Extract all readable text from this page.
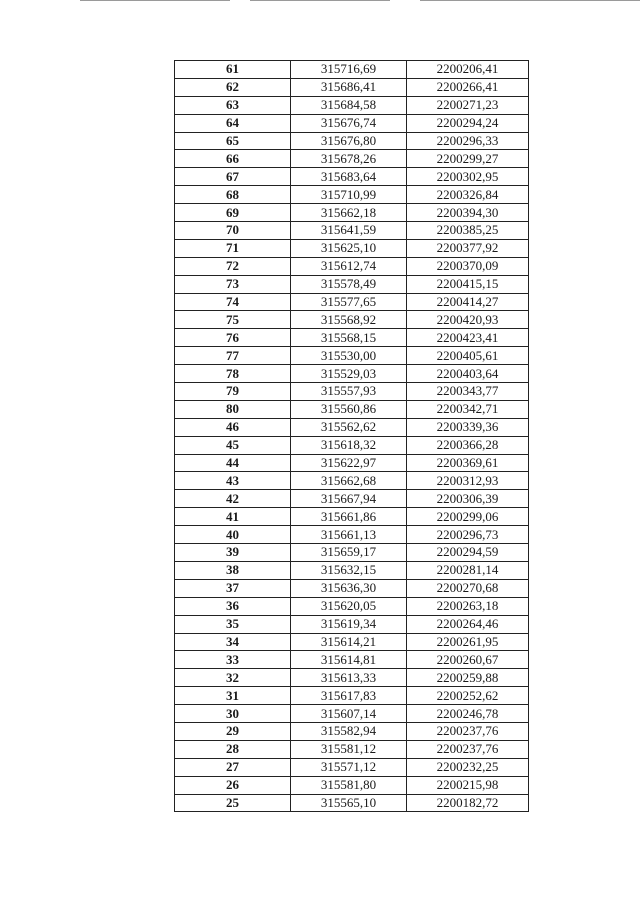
61	315716,69	2200206,41
62	315686,41	2200266,41
63	315684,58	2200271,23
64	315676,74	2200294,24
65	315676,80	2200296,33
66	315678,26	2200299,27
67	315683,64	2200302,95
68	315710,99	2200326,84
69	315662,18	2200394,30
70	315641,59	2200385,25
71	315625,10	2200377,92
72	315612,74	2200370,09
73	315578,49	2200415,15
74	315577,65	2200414,27
75	315568,92	2200420,93
76	315568,15	2200423,41
77	315530,00	2200405,61
78	315529,03	2200403,64
79	315557,93	2200343,77
80	315560,86	2200342,71
46	315562,62	2200339,36
45	315618,32	2200366,28
44	315622,97	2200369,61
43	315662,68	2200312,93
42	315667,94	2200306,39
41	315661,86	2200299,06
40	315661,13	2200296,73
39	315659,17	2200294,59
38	315632,15	2200281,14
37	315636,30	2200270,68
36	315620,05	2200263,18
35	315619,34	2200264,46
34	315614,21	2200261,95
33	315614,81	2200260,67
32	315613,33	2200259,88
31	315617,83	2200252,62
30	315607,14	2200246,78
29	315582,94	2200237,76
28	315581,12	2200237,76
27	315571,12	2200232,25
26	315581,80	2200215,98
25	315565,10	2200182,72
